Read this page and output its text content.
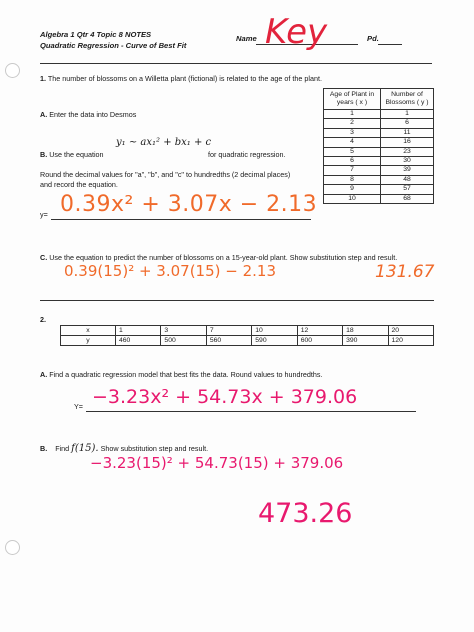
Algebra 1 Qtr 4 Topic 8 NOTES
Quadratic Regression - Curve of Best Fit
Name Key	Pd.
1. The number of blossoms on a Willetta plant (fictional) is related to the age of the plant.
A. Enter the data into Desmos
Age of Plant in years ( x )	Number of Blossoms ( y )
1	1
2	6
3	11
4	16
5	23
6	30
7	39
8	48
9	57
10	68
B. Use the equation
y₁ ~ ax₁² + bx₁ + c
for quadratic regression.
Round the decimal values for "a", "b", and "c" to hundredths (2 decimal places)
and record the equation.
y= 0.39x² + 3.07x − 2.13
C. Use the equation to predict the number of blossoms on a 15-year-old plant. Show substitution step and result.
0.39(15)² + 3.07(15) − 2.13	131.67
2.
x	1	3	7	10	12	18	20
y	460	500	560	590	600	390	120
A. Find a quadratic regression model that best fits the data. Round values to hundredths.
Y= −3.23x² + 54.73x + 379.06
B. Find f(15). Show substitution step and result.
−3.23(15)² + 54.73(15) + 379.06
473.26
